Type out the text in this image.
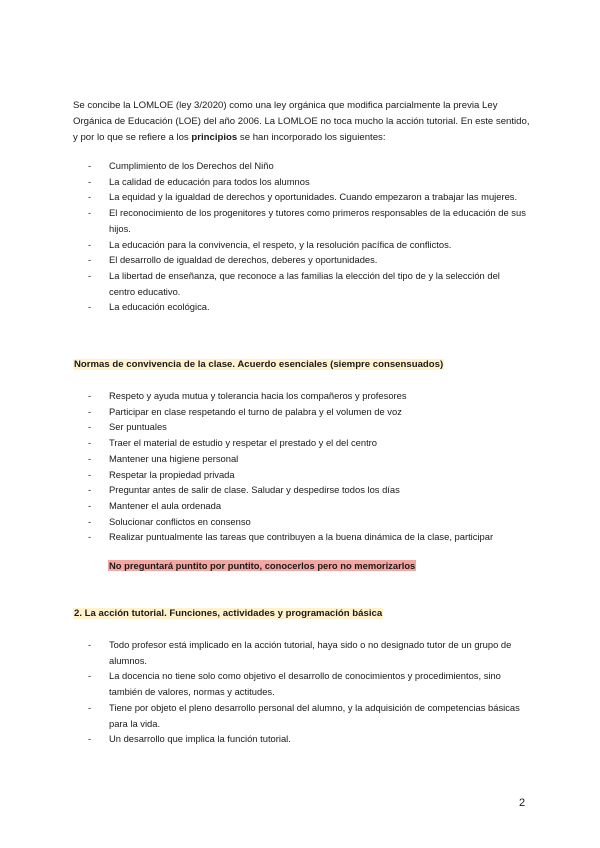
Se concibe la LOMLOE (ley 3/2020) como una ley orgánica que modifica parcialmente la previa Ley Orgánica de Educación (LOE) del año 2006. La LOMLOE no toca mucho la acción tutorial. En este sentido, y por lo que se refiere a los principios se han incorporado los siguientes:

- Cumplimiento de los Derechos del Niño
- La calidad de educación para todos los alumnos
- La equidad y la igualdad de derechos y oportunidades. Cuando empezaron a trabajar las mujeres.
- El reconocimiento de los progenitores y tutores como primeros responsables de la educación de sus hijos.
- La educación para la convivencia, el respeto, y la resolución pacífica de conflictos.
- El desarrollo de igualdad de derechos, deberes y oportunidades.
- La libertad de enseñanza, que reconoce a las familias la elección del tipo de y la selección del centro educativo.
- La educación ecológica.

Normas de convivencia de la clase. Acuerdo esenciales (siempre consensuados)

- Respeto y ayuda mutua y tolerancia hacia los compañeros y profesores
- Participar en clase respetando el turno de palabra y el volumen de voz
- Ser puntuales
- Traer el material de estudio y respetar el prestado y el del centro
- Mantener una higiene personal
- Respetar la propiedad privada
- Preguntar antes de salir de clase. Saludar y despedirse todos los días
- Mantener el aula ordenada
- Solucionar conflictos en consenso
- Realizar puntualmente las tareas que contribuyen a la buena dinámica de la clase, participar

No preguntará puntito por puntito, conocerlos pero no memorizarlos

2. La acción tutorial. Funciones, actividades y programación básica

- Todo profesor está implicado en la acción tutorial, haya sido o no designado tutor de un grupo de alumnos.
- La docencia no tiene solo como objetivo el desarrollo de conocimientos y procedimientos, sino también de valores, normas y actitudes.
- Tiene por objeto el pleno desarrollo personal del alumno, y la adquisición de competencias básicas para la vida.
- Un desarrollo que implica la función tutorial.
2
